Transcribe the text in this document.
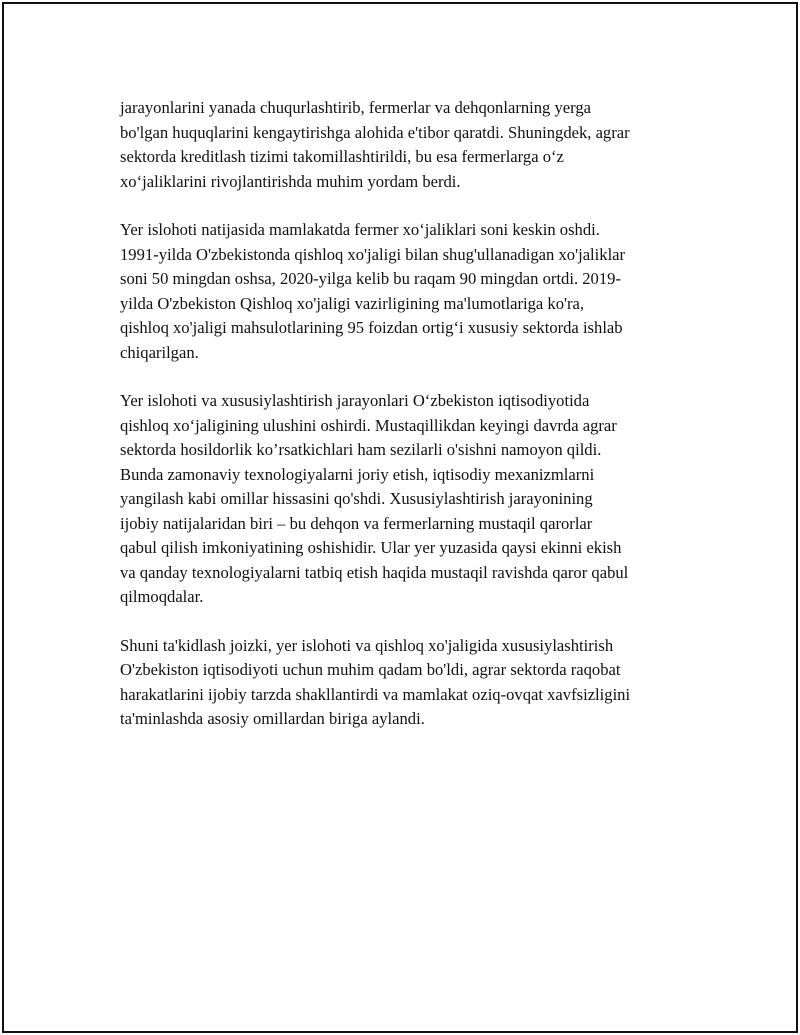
jarayonlarini yanada chuqurlashtirib, fermerlar va dehqonlarning yerga
bo'lgan huquqlarini kengaytirishga alohida e'tibor qaratdi. Shuningdek, agrar
sektorda kreditlash tizimi takomillashtirildi, bu esa fermerlarga o‘z
xo‘jaliklarini rivojlantirishda muhim yordam berdi.

Yer islohoti natijasida mamlakatda fermer xo‘jaliklari soni keskin oshdi.
1991-yilda O'zbekistonda qishloq xo'jaligi bilan shug'ullanadigan xo'jaliklar
soni 50 mingdan oshsa, 2020-yilga kelib bu raqam 90 mingdan ortdi. 2019-
yilda O'zbekiston Qishloq xo'jaligi vazirligining ma'lumotlariga ko'ra,
qishloq xo'jaligi mahsulotlarining 95 foizdan ortig‘i xususiy sektorda ishlab
chiqarilgan.

Yer islohoti va xususiylashtirish jarayonlari O‘zbekiston iqtisodiyotida
qishloq xo‘jaligining ulushini oshirdi. Mustaqillikdan keyingi davrda agrar
sektorda hosildorlik ko’rsatkichlari ham sezilarli o'sishni namoyon qildi.
Bunda zamonaviy texnologiyalarni joriy etish, iqtisodiy mexanizmlarni
yangilash kabi omillar hissasini qo'shdi. Xususiylashtirish jarayonining
ijobiy natijalaridan biri – bu dehqon va fermerlarning mustaqil qarorlar
qabul qilish imkoniyatining oshishidir. Ular yer yuzasida qaysi ekinni ekish
va qanday texnologiyalarni tatbiq etish haqida mustaqil ravishda qaror qabul
qilmoqdalar.

Shuni ta'kidlash joizki, yer islohoti va qishloq xo'jaligida xususiylashtirish
O'zbekiston iqtisodiyoti uchun muhim qadam bo'ldi, agrar sektorda raqobat
harakatlarini ijobiy tarzda shakllantirdi va mamlakat oziq-ovqat xavfsizligini
ta'minlashda asosiy omillardan biriga aylandi.
